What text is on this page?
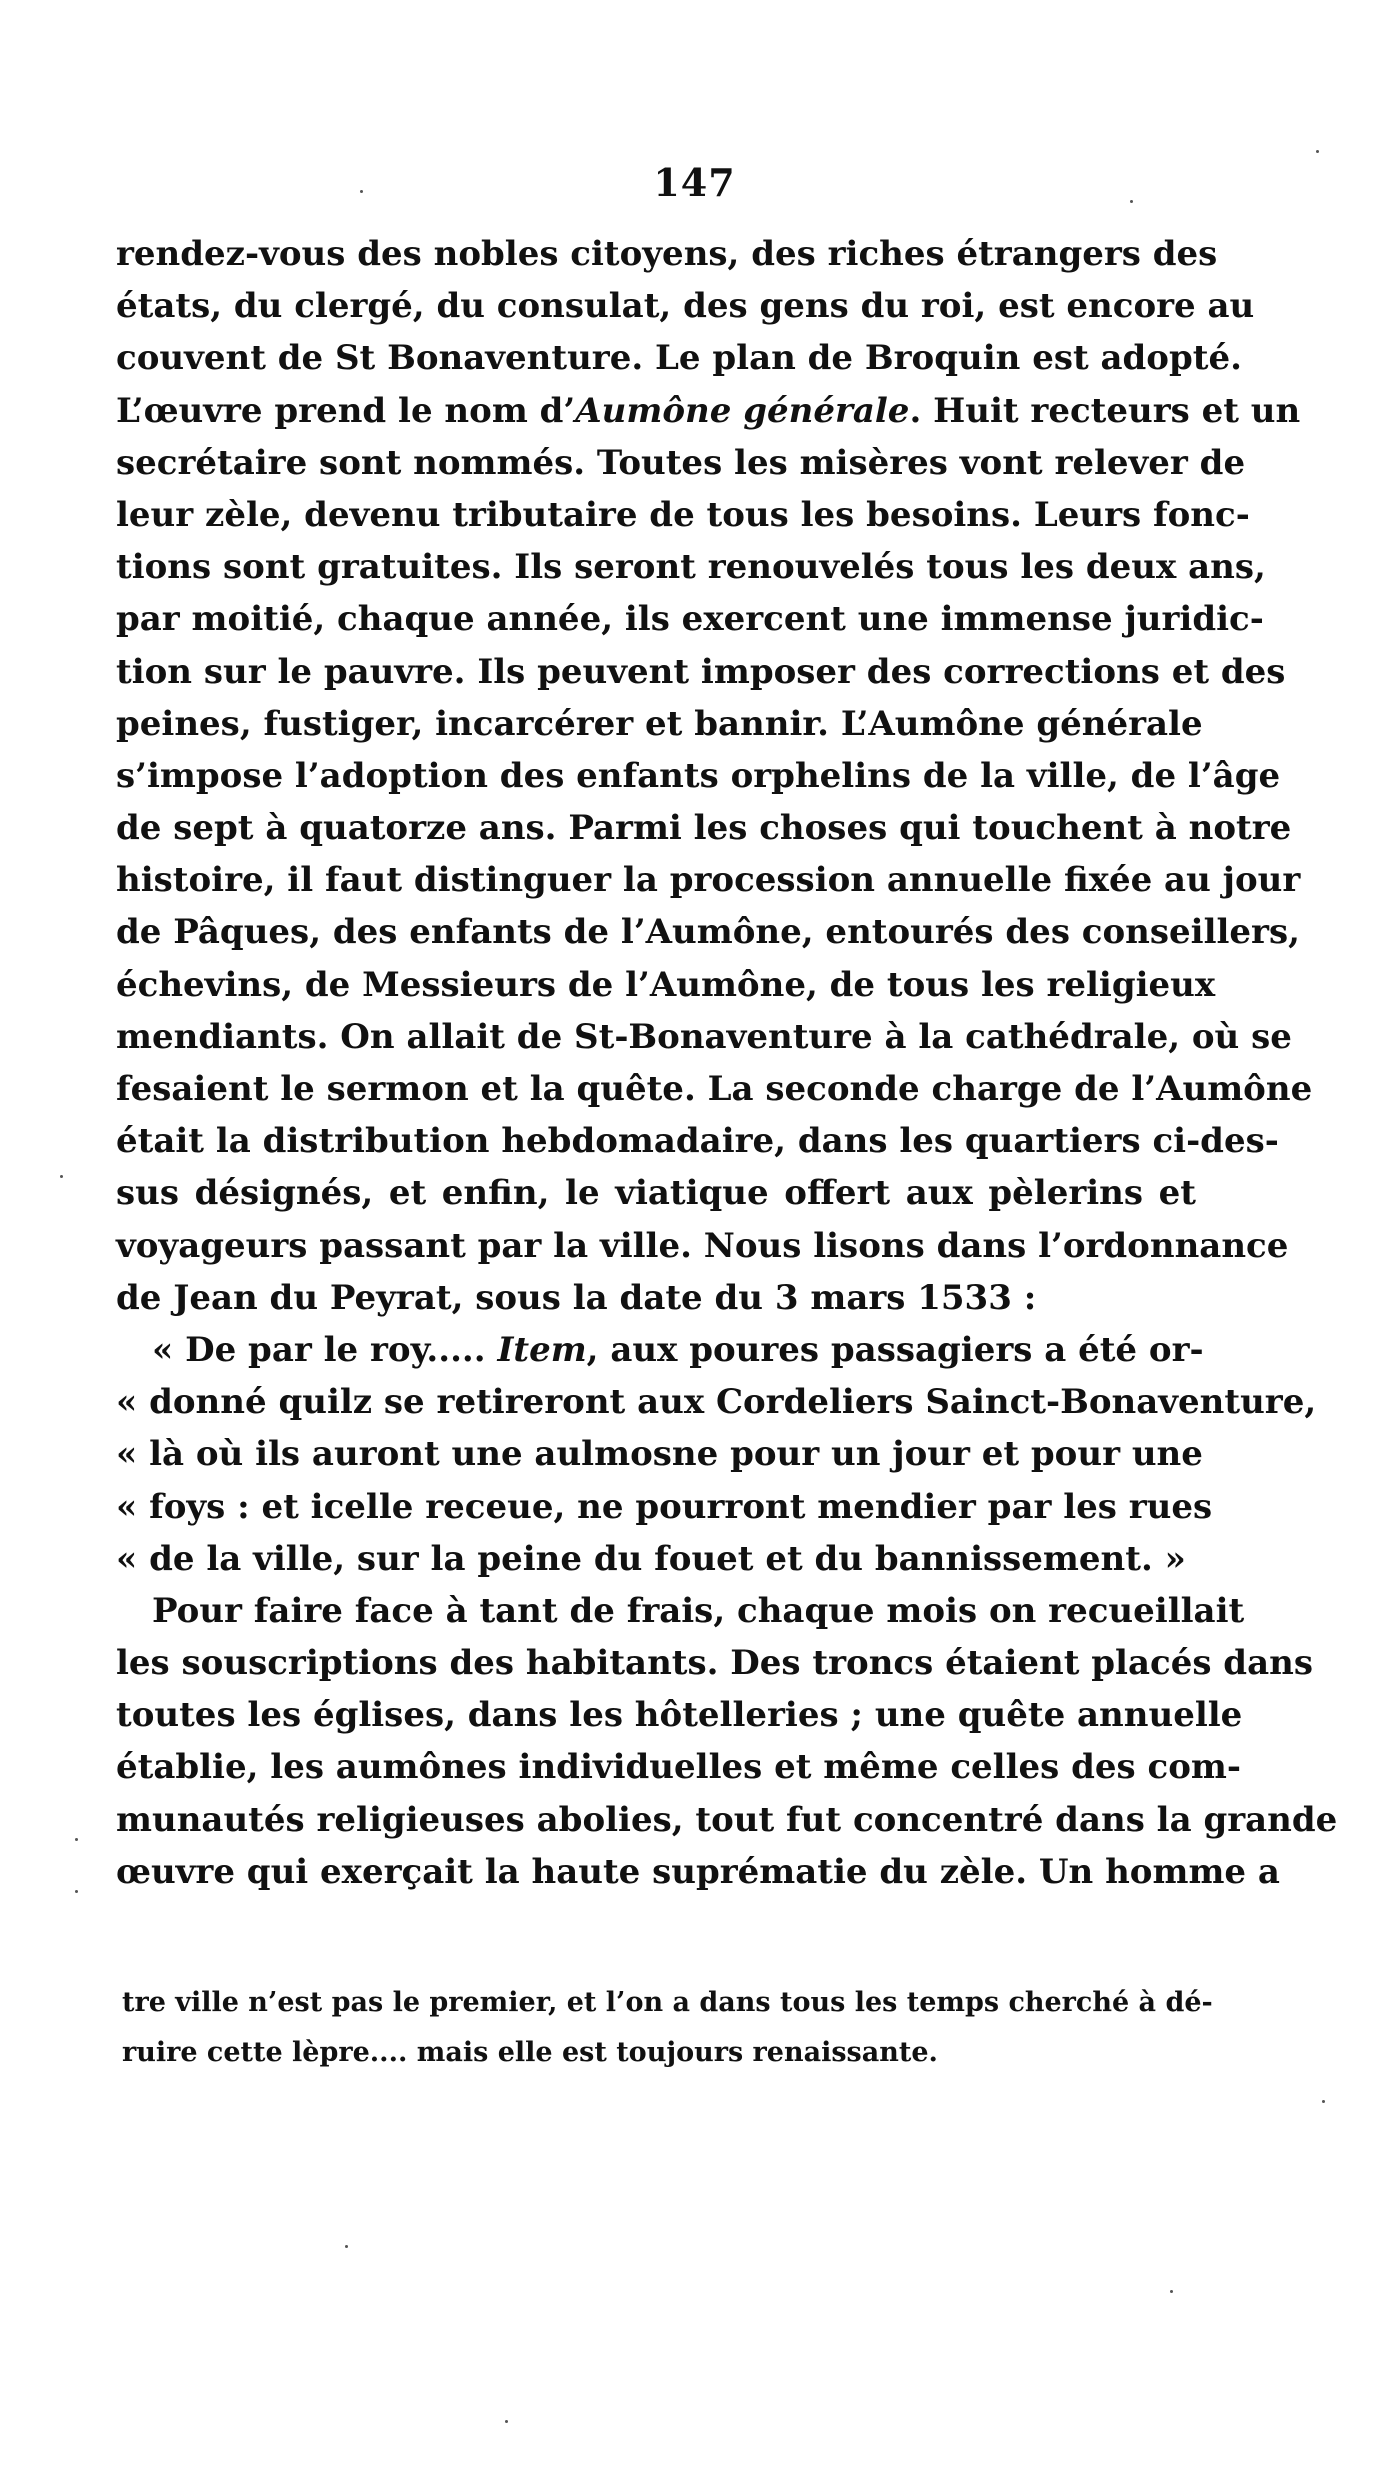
147
rendez-vous des nobles citoyens, des riches étrangers des
états, du clergé, du consulat, des gens du roi, est encore au
couvent de St Bonaventure. Le plan de Broquin est adopté.
L’œuvre prend le nom d’Aumône générale. Huit recteurs et un
secrétaire sont nommés. Toutes les misères vont relever de
leur zèle, devenu tributaire de tous les besoins. Leurs fonc-
tions sont gratuites. Ils seront renouvelés tous les deux ans,
par moitié, chaque année, ils exercent une immense juridic-
tion sur le pauvre. Ils peuvent imposer des corrections et des
peines, fustiger, incarcérer et bannir. L’Aumône générale
s’impose l’adoption des enfants orphelins de la ville, de l’âge
de sept à quatorze ans. Parmi les choses qui touchent à notre
histoire, il faut distinguer la procession annuelle fixée au jour
de Pâques, des enfants de l’Aumône, entourés des conseillers,
échevins, de Messieurs de l’Aumône, de tous les religieux
mendiants. On allait de St-Bonaventure à la cathédrale, où se
fesaient le sermon et la quête. La seconde charge de l’Aumône
était la distribution hebdomadaire, dans les quartiers ci-des-
sus désignés, et enfin, le viatique offert aux pèlerins et
voyageurs passant par la ville. Nous lisons dans l’ordonnance
de Jean du Peyrat, sous la date du 3 mars 1533 :
« De par le roy..... Item, aux poures passagiers a été or-
« donné quilz se retireront aux Cordeliers Sainct-Bonaventure,
« là où ils auront une aulmosne pour un jour et pour une
« foys : et icelle receue, ne pourront mendier par les rues
« de la ville, sur la peine du fouet et du bannissement. »
Pour faire face à tant de frais, chaque mois on recueillait
les souscriptions des habitants. Des troncs étaient placés dans
toutes les églises, dans les hôtelleries ; une quête annuelle
établie, les aumônes individuelles et même celles des com-
munautés religieuses abolies, tout fut concentré dans la grande
œuvre qui exerçait la haute suprématie du zèle. Un homme a
tre ville n’est pas le premier, et l’on a dans tous les temps cherché à dé-
ruire cette lèpre.... mais elle est toujours renaissante.
